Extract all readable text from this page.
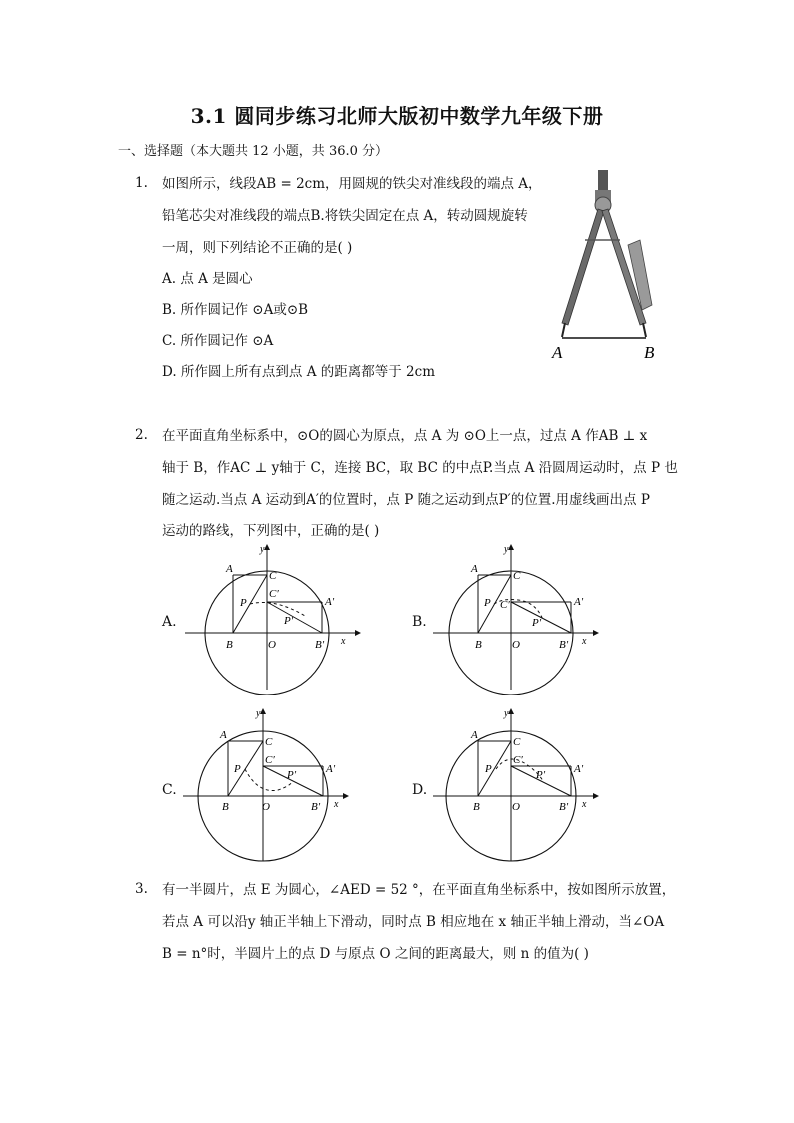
3.1 圆同步练习北师大版初中数学九年级下册
一、选择题（本大题共 12 小题，共 36.0 分）
1. 如图所示，线段AB = 2cm，用圆规的铁尖对准线段的端点 A，
铅笔芯尖对准线段的端点B.将铁尖固定在点 A，转动圆规旋转
一周，则下列结论不正确的是( )
A. 点 A 是圆心
B. 所作圆记作 ⊙A或⊙B
C. 所作圆记作 ⊙A
D. 所作圆上所有点到点 A 的距离都等于 2cm
A	B
2. 在平面直角坐标系中，⊙O的圆心为原点，点 A 为 ⊙O上一点，过点 A 作AB ⊥ x
轴于 B，作AC ⊥ y轴于 C，连接 BC，取 BC 的中点P.当点 A 沿圆周运动时，点 P 也
随之运动.当点 A 运动到A′的位置时，点 P 随之运动到点P′的位置.用虚线画出点 P
运动的路线，下列图中，正确的是( )
A.	B.
C.	D.
y
x
A
B
C
C′
P
P′
O
A′
B′
y
x
A
B
C
C′
P
P′
O
A′
B′
y
x
A
B
C
C′
P	P′
O
A′
B′
y
x
A
B
C
C′
P	P′
O
A′
B′
3. 有一半圆片，点 E 为圆心，∠AED = 52 °，在平面直角坐标系中，按如图所示放置，
若点 A 可以沿y 轴正半轴上下滑动，同时点 B 相应地在 x 轴正半轴上滑动，当∠OA
B = n°时，半圆片上的点 D 与原点 O 之间的距离最大，则 n 的值为( )
